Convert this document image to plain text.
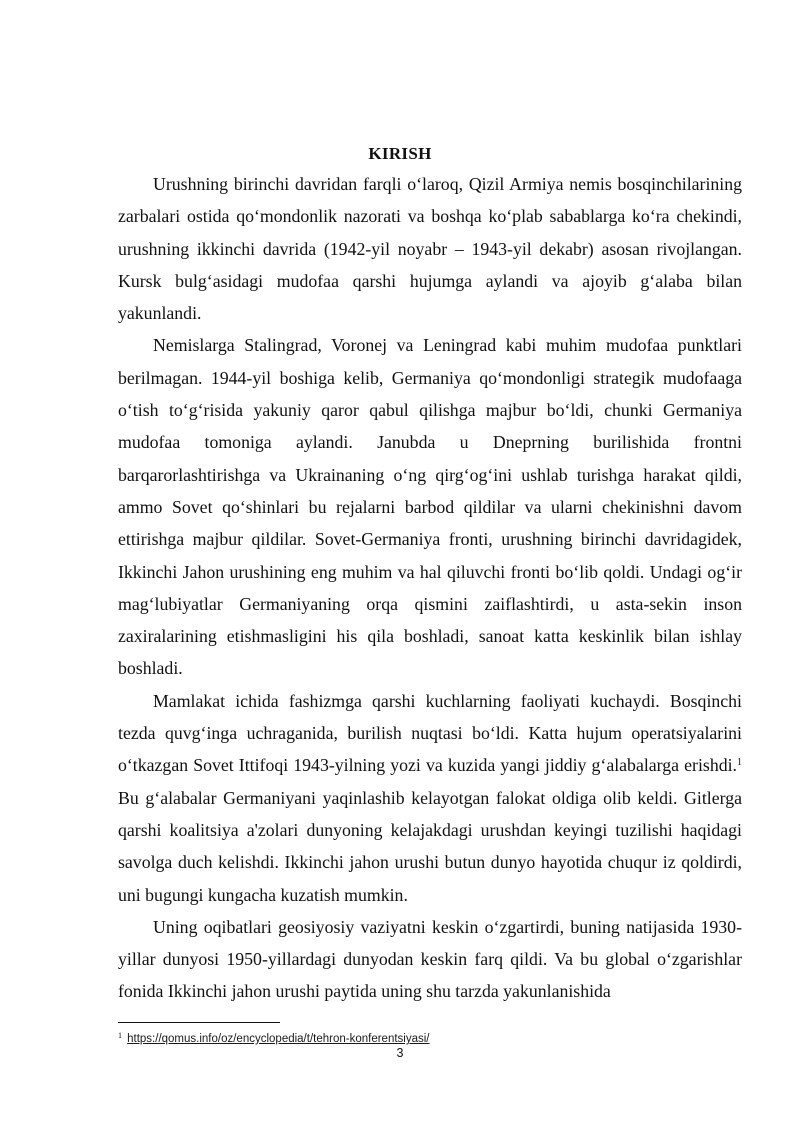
KIRISH

Urushning birinchi davridan farqli o‘laroq, Qizil Armiya nemis bosqinchilarining zarbalari ostida qo‘mondonlik nazorati va boshqa ko‘plab sabablarga ko‘ra chekindi, urushning ikkinchi davrida (1942-yil noyabr – 1943-yil dekabr) asosan rivojlangan. Kursk bulg‘asidagi mudofaa qarshi hujumga aylandi va ajoyib g‘alaba bilan yakunlandi.

Nemislarga Stalingrad, Voronej va Leningrad kabi muhim mudofaa punktlari berilmagan. 1944-yil boshiga kelib, Germaniya qo‘mondonligi strategik mudofaaga o‘tish to‘g‘risida yakuniy qaror qabul qilishga majbur bo‘ldi, chunki Germaniya mudofaa tomoniga aylandi. Janubda u Dneprning burilishida frontni barqarorlashtirishga va Ukrainaning o‘ng qirg‘og‘ini ushlab turishga harakat qildi, ammo Sovet qo‘shinlari bu rejalarni barbod qildilar va ularni chekinishni davom ettirishga majbur qildilar. Sovet-Germaniya fronti, urushning birinchi davridagidek, Ikkinchi Jahon urushining eng muhim va hal qiluvchi fronti bo‘lib qoldi. Undagi og‘ir mag‘lubiyatlar Germaniyaning orqa qismini zaiflashtirdi, u asta-sekin inson zaxiralarining etishmasligini his qila boshladi, sanoat katta keskinlik bilan ishlay boshladi.

Mamlakat ichida fashizmga qarshi kuchlarning faoliyati kuchaydi. Bosqinchi tezda quvg‘inga uchraganida, burilish nuqtasi bo‘ldi. Katta hujum operatsiyalarini o‘tkazgan Sovet Ittifoqi 1943-yilning yozi va kuzida yangi jiddiy g‘alabalarga erishdi.$^1$ Bu g‘alabalar Germaniyani yaqinlashib kelayotgan falokat oldiga olib keldi. Gitlerga qarshi koalitsiya a'zolari dunyoning kelajakdagi urushdan keyingi tuzilishi haqidagi savolga duch kelishdi. Ikkinchi jahon urushi butun dunyo hayotida chuqur iz qoldirdi, uni bugungi kungacha kuzatish mumkin.

Uning oqibatlari geosiyosiy vaziyatni keskin o‘zgartirdi, buning natijasida 1930-yillar dunyosi 1950-yillardagi dunyodan keskin farq qildi. Va bu global o‘zgarishlar fonida Ikkinchi jahon urushi paytida uning shu tarzda yakunlanishida

$^1$ https://qomus.info/oz/encyclopedia/t/tehron-konferentsiyasi/
3
